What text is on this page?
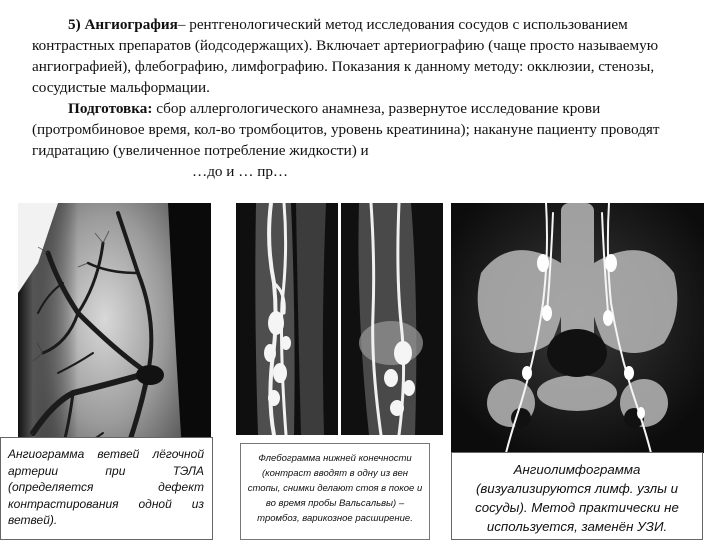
5) Ангиография– рентгенологический метод исследования сосудов с использованием контрастных препаратов (йодсодержащих). Включает артериографию (чаще просто называемую ангиографией), флебографию, лимфографию. Показания к данному методу: окклюзии, стенозы, сосудистые мальформации.

Подготовка: сбор аллергологического анамнеза, развернутое исследование крови (протромбиновое время, кол-во тромбоцитов, уровень креатинина); накануне пациенту проводят гидратацию (увеличенное потребление жидкости) и

…до и … пр…
Ангиограмма ветвей лёгочной артерии при ТЭЛА (определяется дефект контрастирования одной из ветвей).
Флебограмма нижней конечности (контраст вводят в одну из вен стопы, снимки делают стоя в покое и во время пробы Вальсальвы) – тромбоз, варикозное расширение.
Ангиолимфограмма (визуализируются лимф. узлы и сосуды). Метод практически не используется, заменён УЗИ.
